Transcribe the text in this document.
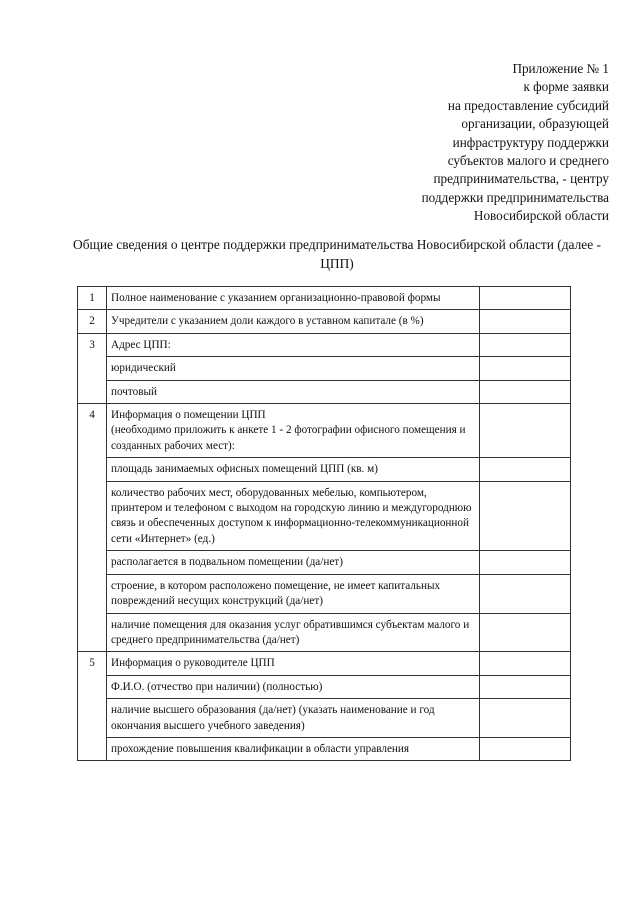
Приложение № 1
к форме заявки
на предоставление субсидий
организации, образующей
инфраструктуру поддержки
субъектов малого и среднего
предпринимательства, - центру
поддержки предпринимательства
Новосибирской области
Общие сведения о центре поддержки предпринимательства Новосибирской области (далее - ЦПП)
1	Полное наименование с указанием организационно-правовой формы	
2	Учредители с указанием доли каждого в уставном капитале (в %)	
3	Адрес ЦПП:	
	юридический	
	почтовый	
4	Информация о помещении ЦПП
(необходимо приложить к анкете 1 - 2 фотографии офисного помещения и созданных рабочих мест):	
	площадь занимаемых офисных помещений ЦПП (кв. м)	
	количество рабочих мест, оборудованных мебелью, компьютером, принтером и телефоном с выходом на городскую линию и междугороднюю связь и обеспеченных доступом к информационно-телекоммуникационной сети «Интернет» (ед.)	
	располагается в подвальном помещении (да/нет)	
	строение, в котором расположено помещение, не имеет капитальных повреждений несущих конструкций (да/нет)	
	наличие помещения для оказания услуг обратившимся субъектам малого и среднего предпринимательства (да/нет)	
5	Информация о руководителе ЦПП	
	Ф.И.О. (отчество при наличии) (полностью)	
	наличие высшего образования (да/нет) (указать наименование и год окончания высшего учебного заведения)	
	прохождение повышения квалификации в области управления	
